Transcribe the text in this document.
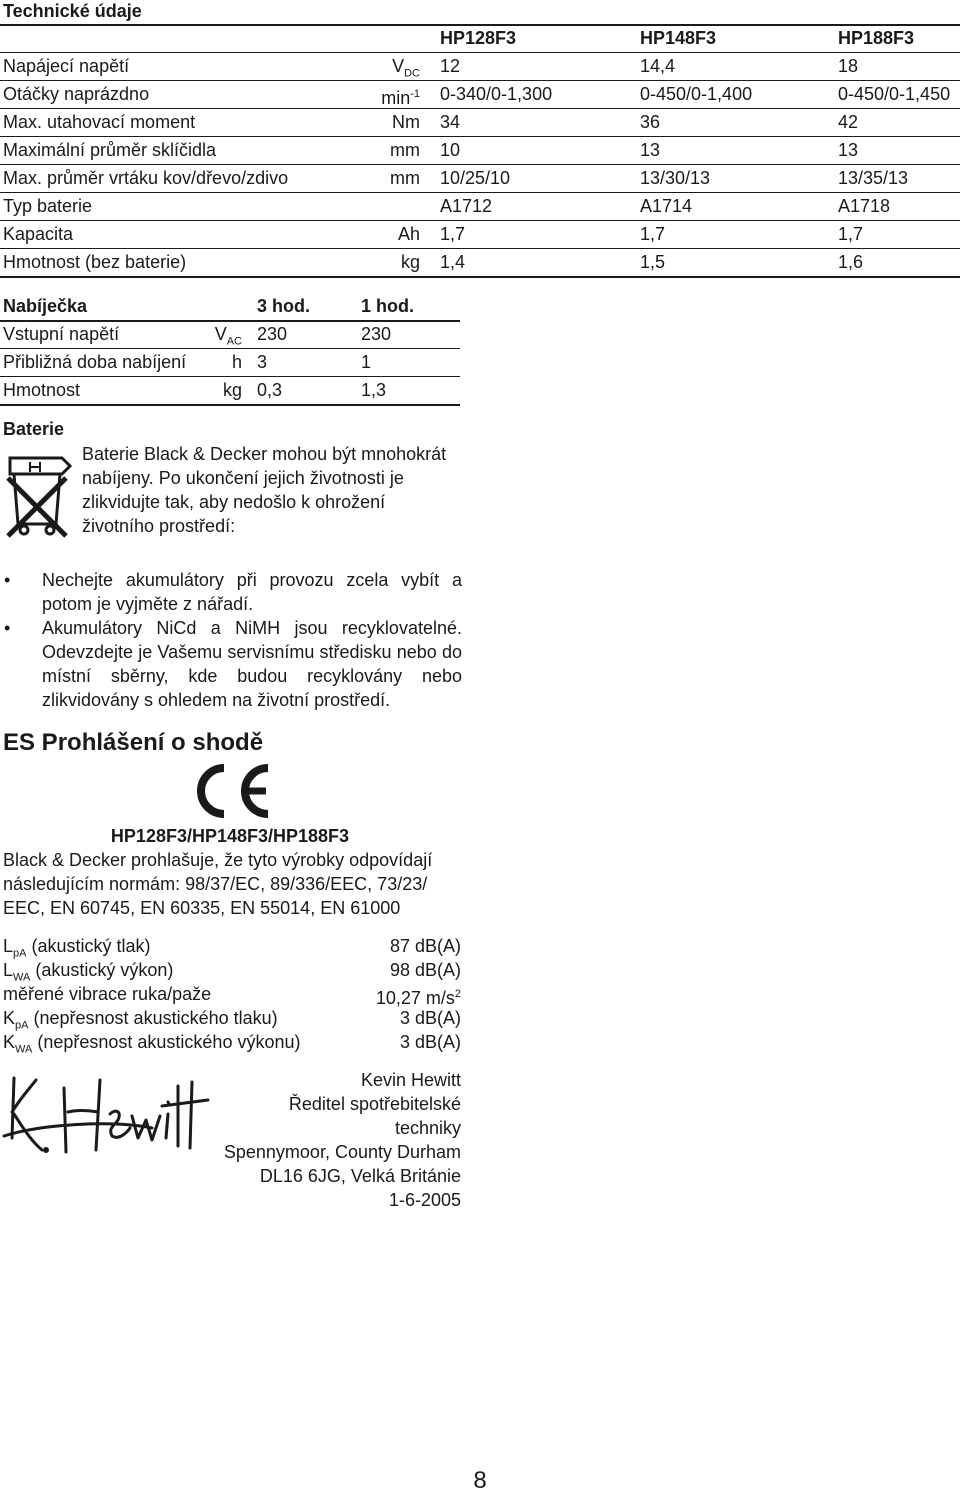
Technické údaje
HP128F3	HP148F3	HP188F3
Napájecí napětí	$V_{DC}$ 12	14,4	18
Otáčky naprázdno	$\min^{-1} 0-340/0-1,300$	0-450/0-1,400	0-450/0-1,450
Max. utahovací moment	Nm 34	36	42
Maximální průměr sklíčidla	mm 10	13	13
Max. průměr vrtáku kov/dřevo/zdivo	mm 10/25/10	13/30/13	13/35/13
Typ baterie	A1712	A1714	A1718
Kapacita	Ah 1,7	1,7	1,7
Hmotnost (bez baterie)	kg 1,4	1,5	1,6
Nabíječka	3 hod.	1 hod.
Vstupní napětí	$V_{AC}$ 230	230
Přibližná doba nabíjení	h 3	1
Hmotnost	kg 0,3	1,3
Baterie
Baterie Black & Decker mohou být mnohokrát nabíjeny. Po ukončení jejich životnosti je zlikvidujte tak, aby nedošlo k ohrožení životního prostředí:
• Nechejte akumulátory při provozu zcela vybít a potom je vyjměte z nářadí.
• Akumulátory NiCd a NiMH jsou recyklovatelné. Odevzdejte je Vašemu servisnímu středisku nebo do místní sběrny, kde budou recyklovány nebo zlikvidovány s ohledem na životní prostředí.
ES Prohlášení o shodě
HP128F3/HP148F3/HP188F3
Black & Decker prohlašuje, že tyto výrobky odpovídají následujícím normám: 98/37/EC, 89/336/EEC, 73/23/ EEC, EN 60745, EN 60335, EN 55014, EN 61000
$L_{pA}$ (akustický tlak)	87 dB(A)
$L_{WA}$ (akustický výkon)	98 dB(A)
měřené vibrace ruka/paže	10,27 $m/s^2$
$K_{pA}$ (nepřesnost akustického tlaku)	3 dB(A)
$K_{WA}$ (nepřesnost akustického výkonu)	3 dB(A)
Kevin Hewitt
Ředitel spotřebitelské
techniky
Spennymoor, County Durham
DL16 6JG, Velká Británie
1-6-2005
8
